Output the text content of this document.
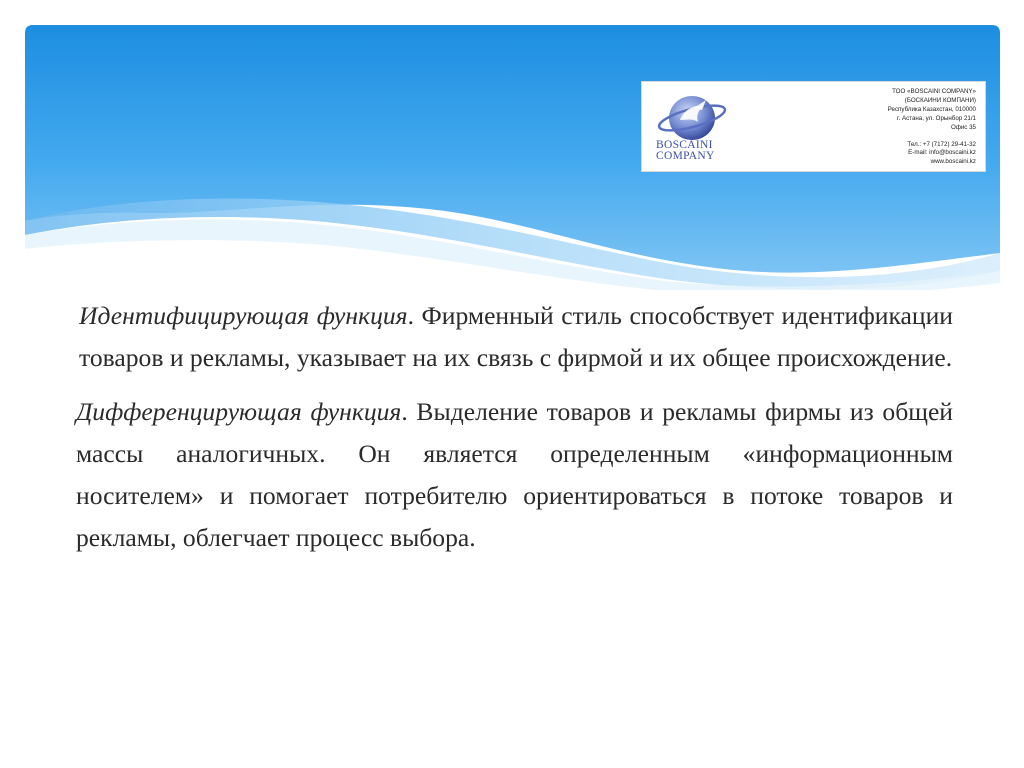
BOSCAINI
COMPANY
ТОО «BOSCAINI COMPANY»
(БОСКАИНИ КОМПАНИ)
Республика Казахстан, 010000
г. Астана, ул. Орынбор 21/1
Офис 35
Тел.: +7 (7172) 29-41-32
E-mail: info@boscaini.kz
www.boscaini.kz

Идентифицирующая функция. Фирменный стиль способствует идентификации товаров и рекламы, указывает на их связь с фирмой и их общее происхождение.

Дифференцирующая функция. Выделение товаров и рекламы фирмы из общей массы аналогичных. Он является определенным «информационным носителем» и помогает потребителю ориентироваться в потоке товаров и рекламы, облегчает процесс выбора.
